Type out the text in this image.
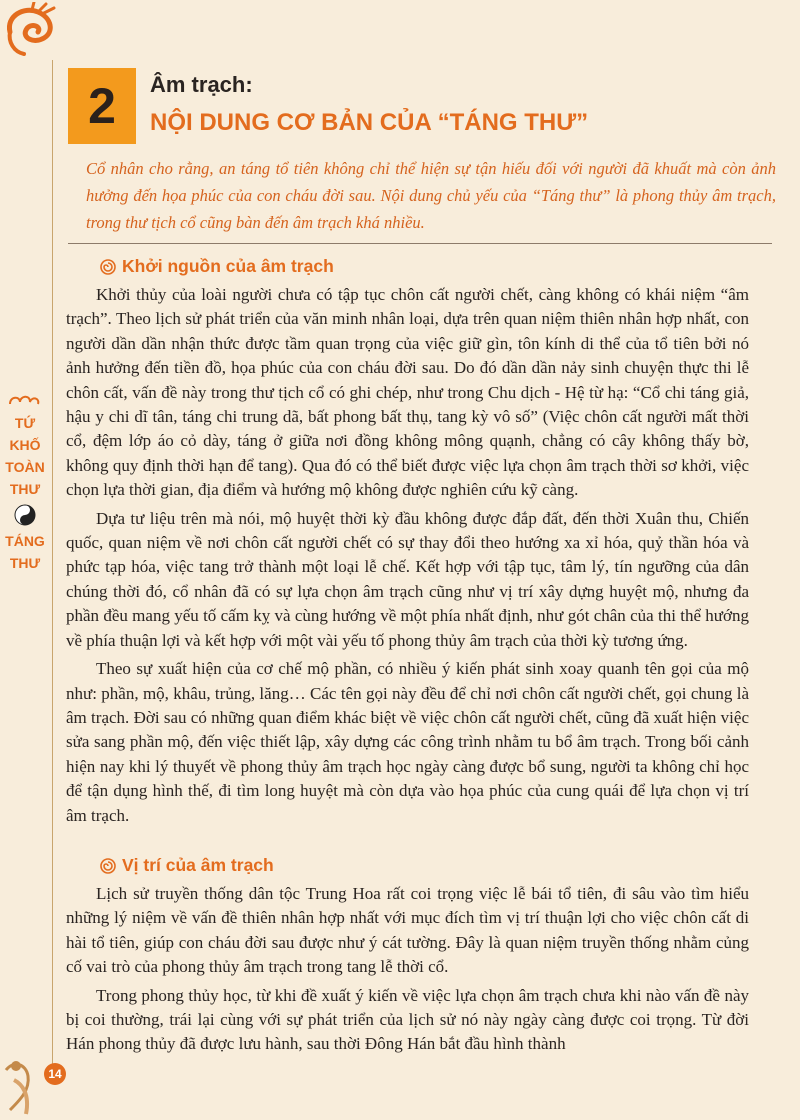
2 Âm trạch:
NỘI DUNG CƠ BẢN CỦA “TÁNG THƯ”
Cổ nhân cho rằng, an táng tổ tiên không chỉ thể hiện sự tận hiếu đối với người đã khuất mà còn ảnh hưởng đến họa phúc của con cháu đời sau. Nội dung chủ yếu của “Táng thư” là phong thủy âm trạch, trong thư tịch cổ cũng bàn đến âm trạch khá nhiều.
Khởi nguồn của âm trạch

Khởi thủy của loài người chưa có tập tục chôn cất người chết, càng không có khái niệm “âm trạch”. Theo lịch sử phát triển của văn minh nhân loại, dựa trên quan niệm thiên nhân hợp nhất, con người dần dần nhận thức được tầm quan trọng của việc giữ gìn, tôn kính di thể của tổ tiên bởi nó ảnh hưởng đến tiền đồ, họa phúc của con cháu đời sau. Do đó dần dần nảy sinh chuyện thực thi lễ chôn cất, vấn đề này trong thư tịch cổ có ghi chép, như trong Chu dịch - Hệ từ hạ: “Cổ chi táng giả, hậu y chi dĩ tân, táng chi trung dã, bất phong bất thụ, tang kỳ vô số” (Việc chôn cất người mất thời cổ, đệm lớp áo cỏ dày, táng ở giữa nơi đồng không mông quạnh, chẳng có cây không thấy bờ, không quy định thời hạn để tang). Qua đó có thể biết được việc lựa chọn âm trạch thời sơ khởi, việc chọn lựa thời gian, địa điểm và hướng mộ không được nghiên cứu kỹ càng.

Dựa tư liệu trên mà nói, mộ huyệt thời kỳ đầu không được đắp đất, đến thời Xuân thu, Chiến quốc, quan niệm về nơi chôn cất người chết có sự thay đổi theo hướng xa xỉ hóa, quỷ thần hóa và phức tạp hóa, việc tang trở thành một loại lễ chế. Kết hợp với tập tục, tâm lý, tín ngưỡng của dân chúng thời đó, cổ nhân đã có sự lựa chọn âm trạch cũng như vị trí xây dựng huyệt mộ, nhưng đa phần đều mang yếu tố cấm kỵ và cùng hướng về một phía nhất định, như gót chân của thi thể hướng về phía thuận lợi và kết hợp với một vài yếu tố phong thủy âm trạch của thời kỳ tương ứng.

Theo sự xuất hiện của cơ chế mộ phần, có nhiều ý kiến phát sinh xoay quanh tên gọi của mộ như: phần, mộ, khâu, trủng, lăng… Các tên gọi này đều để chỉ nơi chôn cất người chết, gọi chung là âm trạch. Đời sau có những quan điểm khác biệt về việc chôn cất người chết, cũng đã xuất hiện việc sửa sang phần mộ, đến việc thiết lập, xây dựng các công trình nhằm tu bổ âm trạch. Trong bối cảnh hiện nay khi lý thuyết về phong thủy âm trạch học ngày càng được bổ sung, người ta không chỉ học để tận dụng hình thế, đi tìm long huyệt mà còn dựa vào họa phúc của cung quái để lựa chọn vị trí âm trạch.

Vị trí của âm trạch

Lịch sử truyền thống dân tộc Trung Hoa rất coi trọng việc lễ bái tổ tiên, đi sâu vào tìm hiểu những lý niệm về vấn đề thiên nhân hợp nhất với mục đích tìm vị trí thuận lợi cho việc chôn cất di hài tổ tiên, giúp con cháu đời sau được như ý cát tường. Đây là quan niệm truyền thống nhằm củng cố vai trò của phong thủy âm trạch trong tang lễ thời cổ.

Trong phong thủy học, từ khi đề xuất ý kiến về việc lựa chọn âm trạch chưa khi nào vấn đề này bị coi thường, trái lại cùng với sự phát triển của lịch sử nó này ngày càng được coi trọng. Từ đời Hán phong thủy đã được lưu hành, sau thời Đông Hán bắt đầu hình thành

TỨ
KHỐ
TOÀN
THƯ
TÁNG
THƯ
14
